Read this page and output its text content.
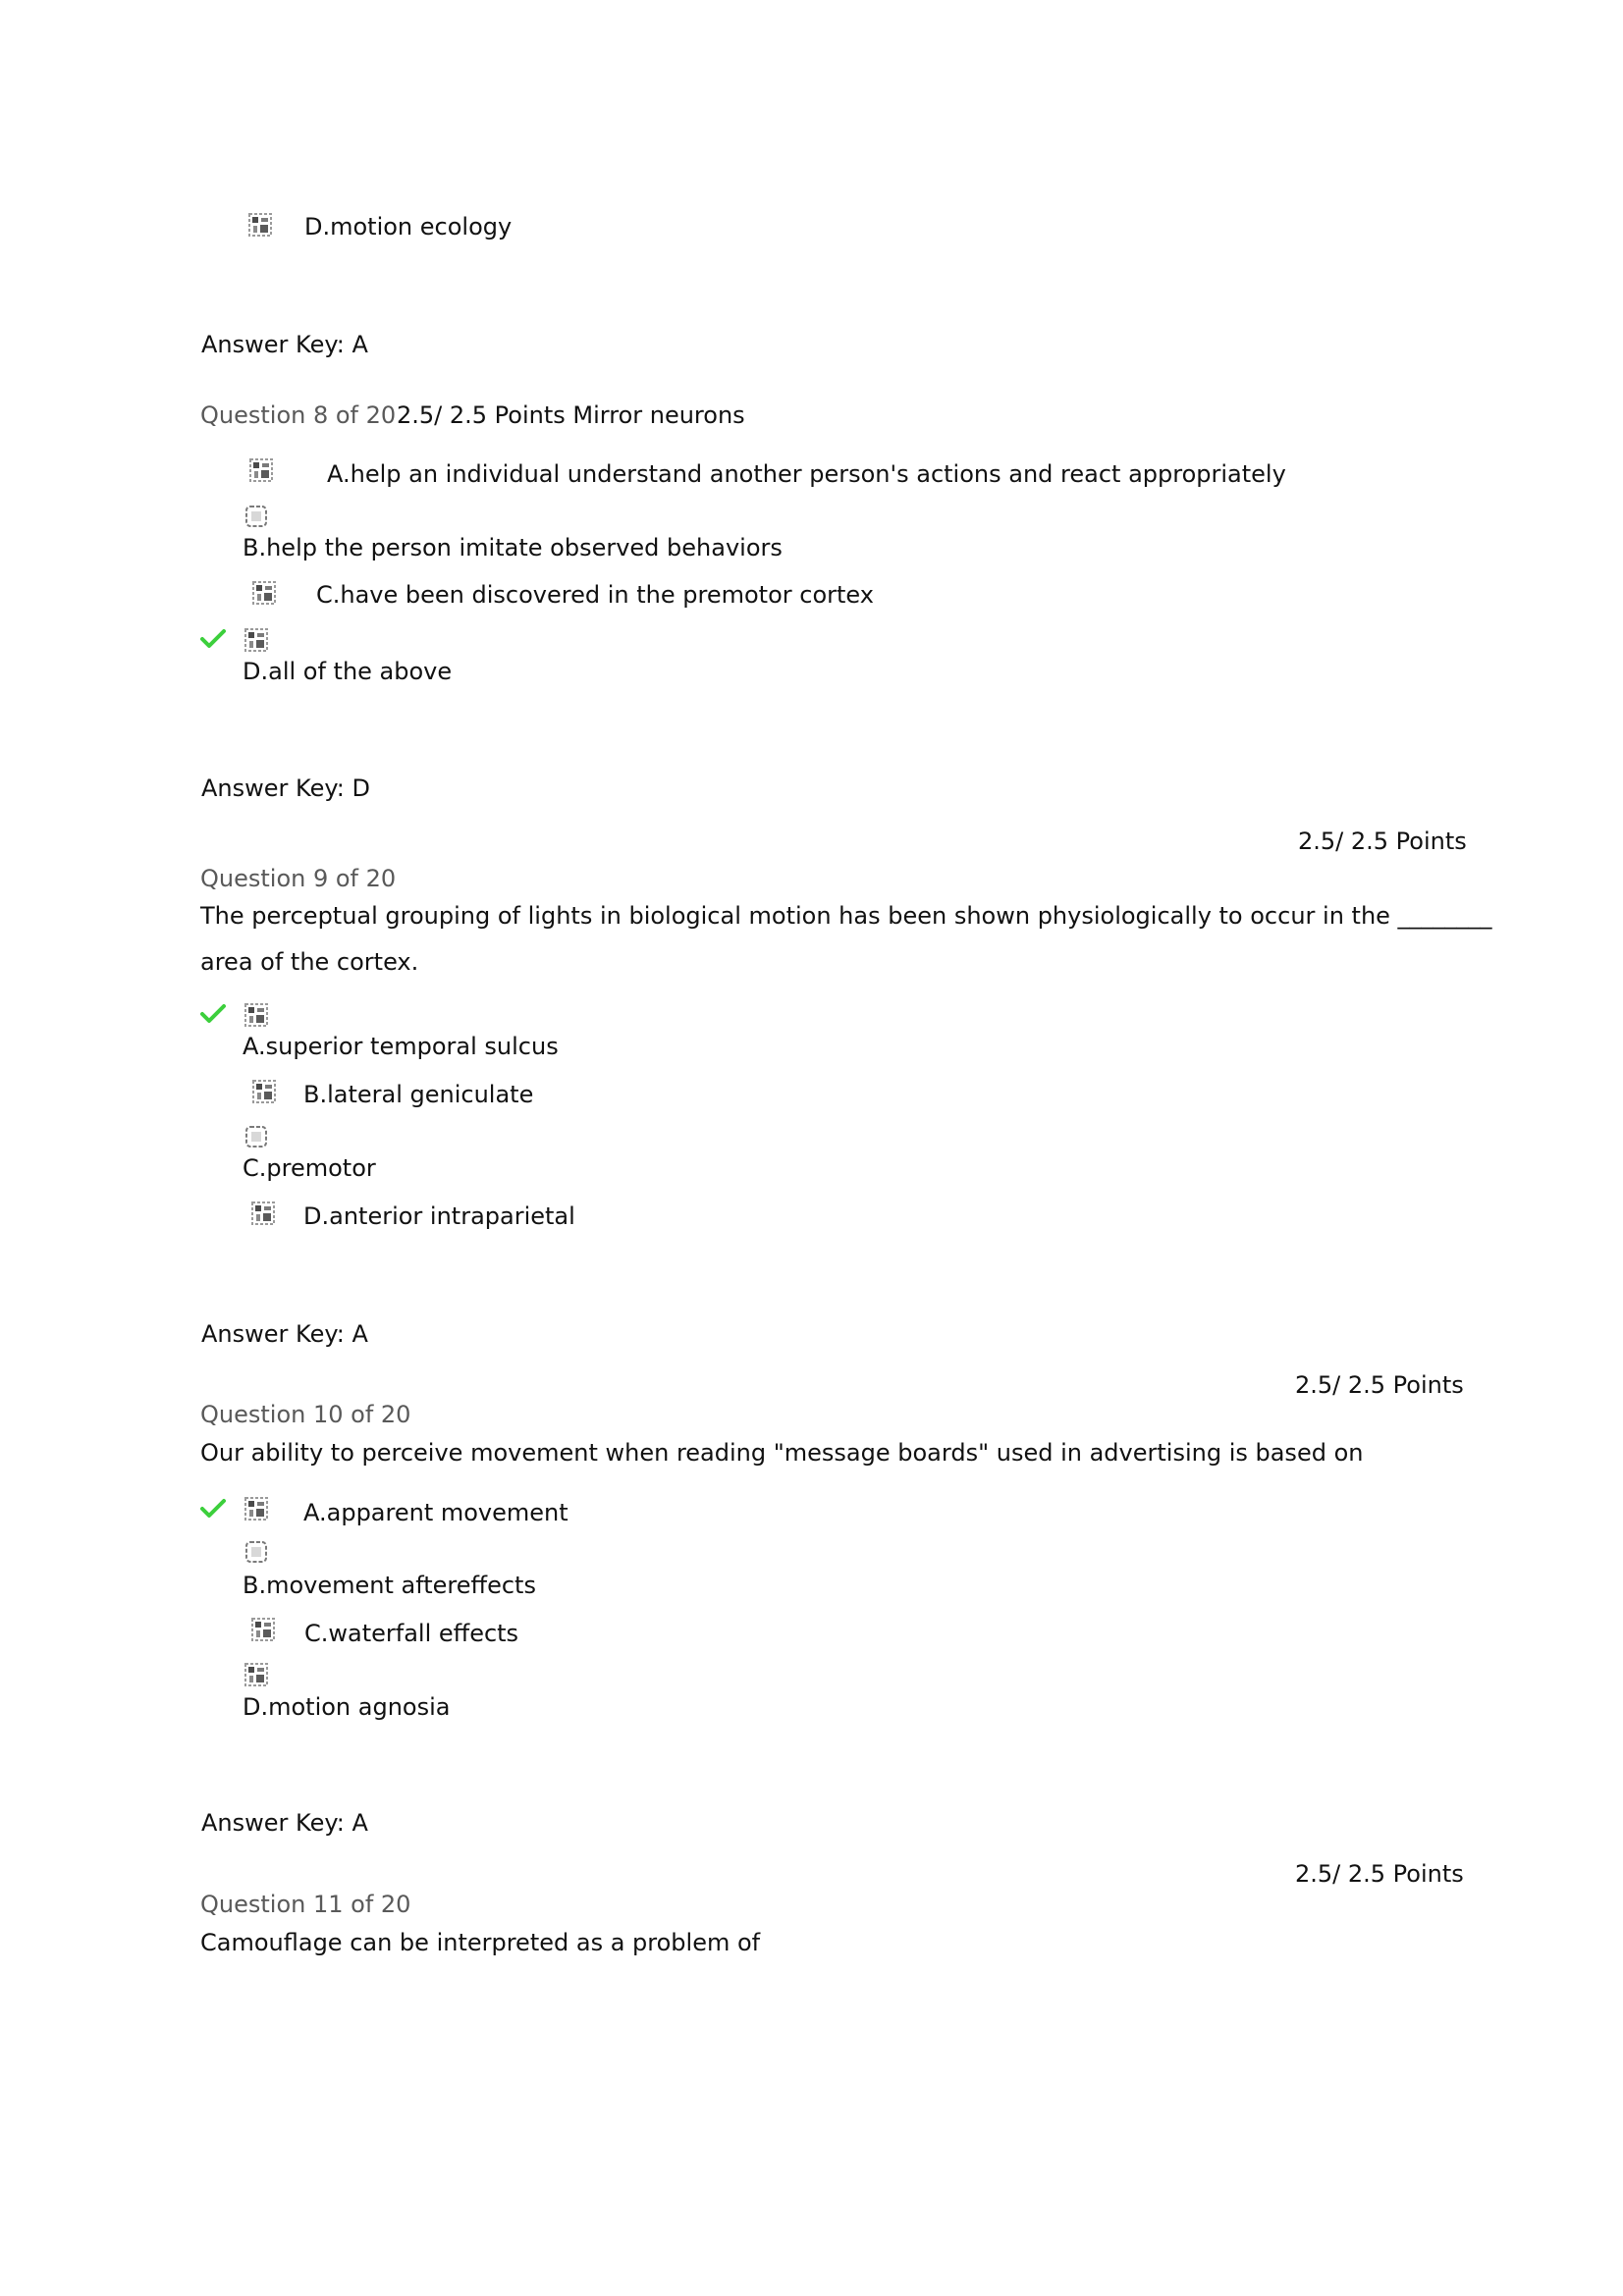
D.motion ecology
Answer Key: A
Question 8 of 20 2.5/ 2.5 Points Mirror neurons
A.help an individual understand another person's actions and react appropriately
B.help the person imitate observed behaviors
C.have been discovered in the premotor cortex
D.all of the above
Answer Key: D
2.5/ 2.5 Points
Question 9 of 20
The perceptual grouping of lights in biological motion has been shown physiologically to occur in the ________
area of the cortex.
A.superior temporal sulcus
B.lateral geniculate
C.premotor
D.anterior intraparietal
Answer Key: A
2.5/ 2.5 Points
Question 10 of 20
Our ability to perceive movement when reading "message boards" used in advertising is based on
A.apparent movement
B.movement aftereffects
C.waterfall effects
D.motion agnosia
Answer Key: A
2.5/ 2.5 Points
Question 11 of 20
Camouflage can be interpreted as a problem of
